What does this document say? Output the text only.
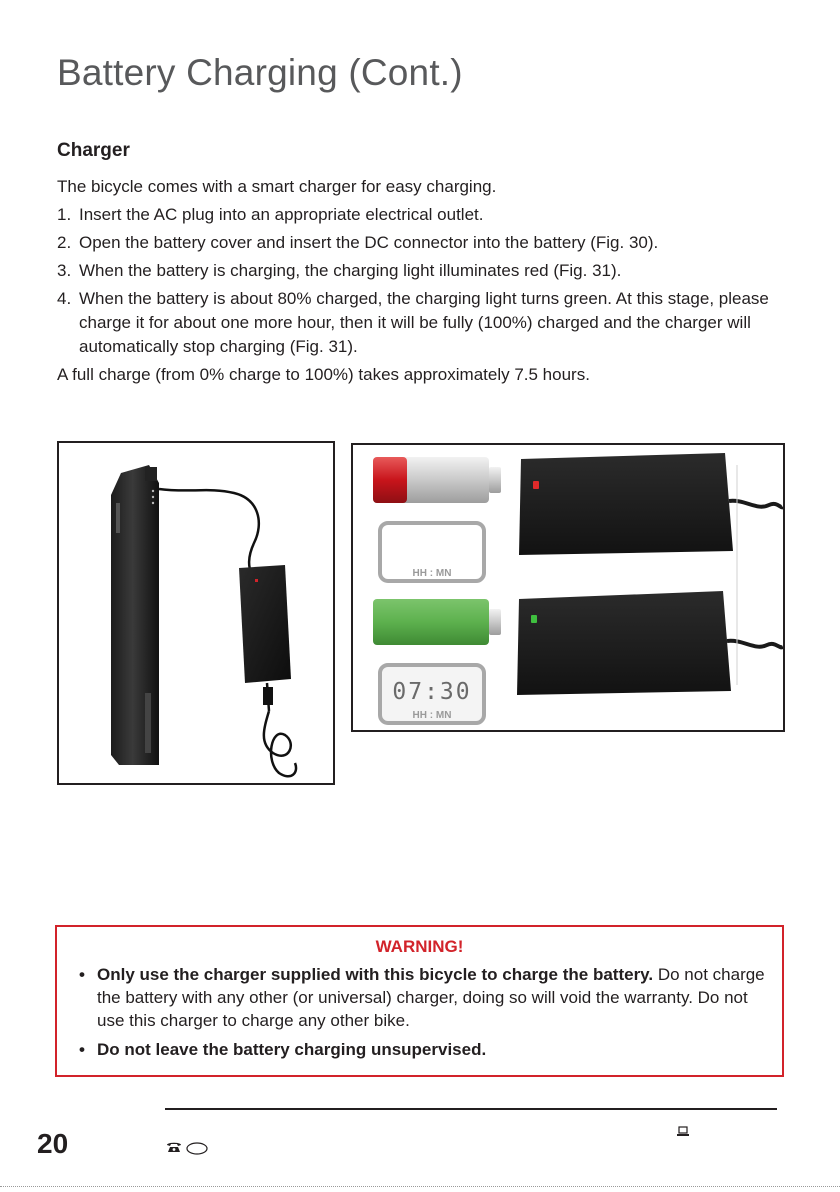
Battery Charging (Cont.)
Charger

The bicycle comes with a smart charger for easy charging.

1. Insert the AC plug into an appropriate electrical outlet.
2. Open the battery cover and insert the DC connector into the battery (Fig. 30).
3. When the battery is charging, the charging light illuminates red (Fig. 31).
4. When the battery is about 80% charged, the charging light turns green. At this stage, please charge it for about one more hour, then it will be fully (100%) charged and the charger will automatically stop charging (Fig. 31).

A full charge (from 0% charge to 100%) takes approximately 7.5 hours.

HH : MN
07:30
HH : MN
WARNING!
• Only use the charger supplied with this bicycle to charge the battery. Do not charge the battery with any other (or universal) charger, doing so will void the warranty. Do not use this charger to charge any other bike.
• Do not leave the battery charging unsupervised.
20
